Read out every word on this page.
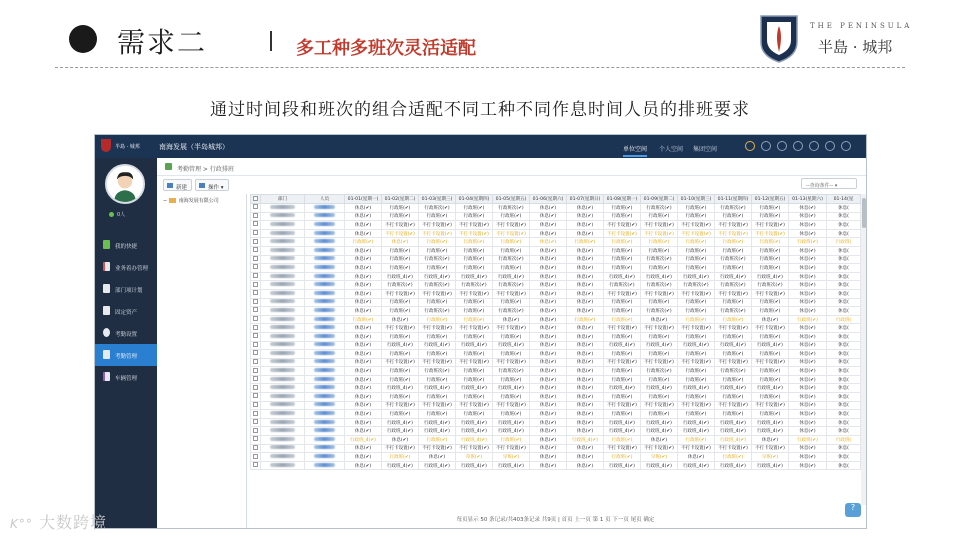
需求二	多工种多班次灵活适配
THE PENINSULA
半島 · 城邦
通过时间段和班次的组合适配不同工种不同作息时间人员的排班要求
半島 · 城邦	南海发展（半岛城邦）	单位空间 个人空间 集团空间
0人
我的快捷
业务着办管理
部门项计划
固定资产
考勤设置
考勤管理
车辆管理
考勤管理 > 行政排班
新建	操作 ▾	--查询条件-- ▾
− 南海发展有限公司
		部门	人员	01-01(星期一)	01-02(星期二)	01-03(星期三)	01-04(星期四)	01-05(星期五)	01-06(星期六)	01-07(星期日)	01-08(星期一)	01-09(星期二)	01-10(星期三)	01-11(星期四)	01-12(星期五)	01-13(星期六)	01-14(星
			休息(✔)	行政班(✔)	行政班次(✔)	行政班(✔)	行政班次(✔)	休息(✔)	休息(✔)	行政班(✔)	行政班次(✔)	行政班(✔)	行政班次(✔)	行政班(✔)	休息(✔)	休息(
			休息(✔)	行政班(✔)	行政班(✔)	行政班(✔)	行政班(✔)	休息(✔)	休息(✔)	行政班(✔)	行政班(✔)	行政班(✔)	行政班(✔)	行政班(✔)	休息(✔)	休息(
			休息(✔)	不打卡设置(✔)	不打卡设置(✔)	不打卡设置(✔)	不打卡设置(✔)	休息(✔)	休息(✔)	不打卡设置(✔)	不打卡设置(✔)	不打卡设置(✔)	不打卡设置(✔)	不打卡设置(✔)	休息(✔)	休息(
			休息(✔)	不打卡设置(✔)	不打卡设置(✔)	不打卡设置(✔)	不打卡设置(✔)	休息(✔)	休息(✔)	不打卡设置(✔)	不打卡设置(✔)	不打卡设置(✔)	不打卡设置(✔)	不打卡设置(✔)	休息(✔)	休息(
			行政班(✔)	休息(✔)	行政班(✔)	行政班(✔)	行政班(✔)	休息(✔)	行政班(✔)	行政班(✔)	行政班(✔)	行政班(✔)	行政班(✔)	行政班(✔)	行政班(✔)	行政班(
			休息(✔)	行政班(✔)	行政班(✔)	行政班(✔)	行政班(✔)	休息(✔)	休息(✔)	行政班(✔)	行政班(✔)	行政班(✔)	行政班(✔)	行政班(✔)	休息(✔)	休息(
			休息(✔)	行政班(✔)	行政班次(✔)	行政班(✔)	行政班次(✔)	休息(✔)	休息(✔)	行政班(✔)	行政班次(✔)	行政班(✔)	行政班次(✔)	行政班(✔)	休息(✔)	休息(
			休息(✔)	行政班(✔)	行政班(✔)	行政班(✔)	行政班(✔)	休息(✔)	休息(✔)	行政班(✔)	行政班(✔)	行政班(✔)	行政班(✔)	行政班(✔)	休息(✔)	休息(
			休息(✔)	行政班_4(✔)	行政班_4(✔)	行政班_4(✔)	行政班_4(✔)	休息(✔)	休息(✔)	行政班_4(✔)	行政班_4(✔)	行政班_4(✔)	行政班_4(✔)	行政班_4(✔)	休息(✔)	休息(
			休息(✔)	行政班次(✔)	行政班次(✔)	行政班次(✔)	行政班次(✔)	休息(✔)	休息(✔)	行政班次(✔)	行政班次(✔)	行政班次(✔)	行政班次(✔)	行政班次(✔)	休息(✔)	休息(
			休息(✔)	不打卡设置(✔)	不打卡设置(✔)	不打卡设置(✔)	不打卡设置(✔)	休息(✔)	休息(✔)	不打卡设置(✔)	不打卡设置(✔)	不打卡设置(✔)	不打卡设置(✔)	不打卡设置(✔)	休息(✔)	休息(
			休息(✔)	行政班(✔)	行政班(✔)	行政班(✔)	行政班(✔)	休息(✔)	休息(✔)	行政班(✔)	行政班(✔)	行政班(✔)	行政班(✔)	行政班(✔)	休息(✔)	休息(
			休息(✔)	行政班(✔)	行政班次(✔)	行政班(✔)	行政班次(✔)	休息(✔)	休息(✔)	行政班(✔)	行政班次(✔)	行政班(✔)	行政班次(✔)	行政班(✔)	休息(✔)	休息(
			行政班(✔)	休息(✔)	行政班(✔)	行政班(✔)	休息(✔)	休息(✔)	行政班(✔)	行政班(✔)	休息(✔)	行政班(✔)	行政班(✔)	休息(✔)	行政班(✔)	行政班(
			休息(✔)	不打卡设置(✔)	不打卡设置(✔)	不打卡设置(✔)	不打卡设置(✔)	休息(✔)	休息(✔)	不打卡设置(✔)	不打卡设置(✔)	不打卡设置(✔)	不打卡设置(✔)	不打卡设置(✔)	休息(✔)	休息(
			休息(✔)	行政班(✔)	行政班(✔)	行政班(✔)	行政班(✔)	休息(✔)	休息(✔)	行政班(✔)	行政班(✔)	行政班(✔)	行政班(✔)	行政班(✔)	休息(✔)	休息(
			休息(✔)	行政班_4(✔)	行政班_4(✔)	行政班_4(✔)	行政班_4(✔)	休息(✔)	休息(✔)	行政班_4(✔)	行政班_4(✔)	行政班_4(✔)	行政班_4(✔)	行政班_4(✔)	休息(✔)	休息(
			休息(✔)	行政班(✔)	行政班(✔)	行政班(✔)	行政班(✔)	休息(✔)	休息(✔)	行政班(✔)	行政班(✔)	行政班(✔)	行政班(✔)	行政班(✔)	休息(✔)	休息(
			休息(✔)	不打卡设置(✔)	不打卡设置(✔)	不打卡设置(✔)	不打卡设置(✔)	休息(✔)	休息(✔)	不打卡设置(✔)	不打卡设置(✔)	不打卡设置(✔)	不打卡设置(✔)	不打卡设置(✔)	休息(✔)	休息(
			休息(✔)	行政班(✔)	行政班次(✔)	行政班(✔)	行政班次(✔)	休息(✔)	休息(✔)	行政班(✔)	行政班次(✔)	行政班(✔)	行政班次(✔)	行政班(✔)	休息(✔)	休息(
			休息(✔)	行政班(✔)	行政班(✔)	行政班(✔)	行政班(✔)	休息(✔)	休息(✔)	行政班(✔)	行政班(✔)	行政班(✔)	行政班(✔)	行政班(✔)	休息(✔)	休息(
			休息(✔)	行政班_4(✔)	行政班_4(✔)	行政班_4(✔)	行政班_4(✔)	休息(✔)	休息(✔)	行政班_4(✔)	行政班_4(✔)	行政班_4(✔)	行政班_4(✔)	行政班_4(✔)	休息(✔)	休息(
			休息(✔)	行政班(✔)	行政班(✔)	行政班(✔)	行政班(✔)	休息(✔)	休息(✔)	行政班(✔)	行政班(✔)	行政班(✔)	行政班(✔)	行政班(✔)	休息(✔)	休息(
			休息(✔)	不打卡设置(✔)	不打卡设置(✔)	不打卡设置(✔)	不打卡设置(✔)	休息(✔)	休息(✔)	不打卡设置(✔)	不打卡设置(✔)	不打卡设置(✔)	不打卡设置(✔)	不打卡设置(✔)	休息(✔)	休息(
			休息(✔)	行政班(✔)	行政班(✔)	行政班(✔)	行政班(✔)	休息(✔)	休息(✔)	行政班(✔)	行政班(✔)	行政班(✔)	行政班(✔)	行政班(✔)	休息(✔)	休息(
			休息(✔)	行政班_4(✔)	行政班_4(✔)	行政班_4(✔)	行政班_4(✔)	休息(✔)	休息(✔)	行政班_4(✔)	行政班_4(✔)	行政班_4(✔)	行政班_4(✔)	行政班_4(✔)	休息(✔)	休息(
			休息(✔)	行政班_4(✔)	行政班_4(✔)	行政班_4(✔)	行政班_4(✔)	休息(✔)	休息(✔)	行政班_4(✔)	行政班_4(✔)	行政班_4(✔)	行政班_4(✔)	行政班_4(✔)	休息(✔)	休息(
			行政班_4(✔)	休息(✔)	行政班(✔)	行政班_4(✔)	行政班(✔)	休息(✔)	行政班_4(✔)	行政班(✔)	休息(✔)	行政班(✔)	行政班_4(✔)	休息(✔)	行政班(✔)	行政班(
			休息(✔)	不打卡设置(✔)	不打卡设置(✔)	不打卡设置(✔)	不打卡设置(✔)	休息(✔)	休息(✔)	不打卡设置(✔)	不打卡设置(✔)	不打卡设置(✔)	不打卡设置(✔)	不打卡设置(✔)	休息(✔)	休息(
			休息(✔)	行政班(✔)	休息(✔)	草班(✔)	早班(✔)	休息(✔)	休息(✔)	行政班(✔)	早班(✔)	休息(✔)	行政班(✔)	早班(✔)	休息(✔)	休息(
			休息(✔)	行政班_4(✔)	行政班_4(✔)	行政班_4(✔)	行政班_4(✔)	休息(✔)	休息(✔)	行政班_4(✔)	行政班_4(✔)	行政班_4(✔)	行政班_4(✔)	行政班_4(✔)	休息(✔)	休息(
?
每页显示 50 条记录/共403条记录 共9页 | 首页 上一页 第 1 页 下一页 尾页 确定
K°° 大数跨境
